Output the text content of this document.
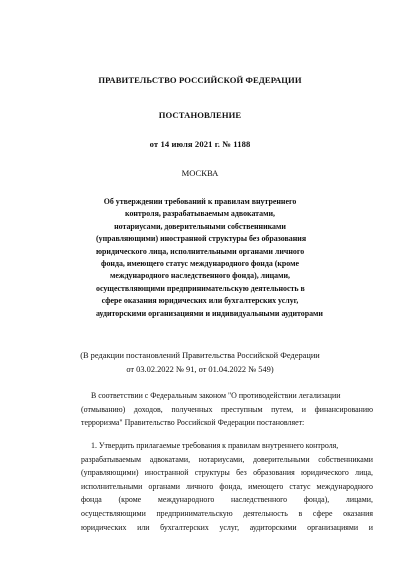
ПРАВИТЕЛЬСТВО РОССИЙСКОЙ ФЕДЕРАЦИИ

ПОСТАНОВЛЕНИЕ

от 14 июля 2021 г. № 1188

МОСКВА

Об утверждении требований к правилам внутреннего
контроля, разрабатываемым адвокатами,
нотариусами, доверительными собственниками
(управляющими) иностранной структуры без образования
юридического лица, исполнительными органами личного
фонда, имеющего статус международного фонда (кроме
международного наследственного фонда), лицами,
осуществляющими предпринимательскую деятельность в
сфере оказания юридических или бухгалтерских услуг,
аудиторскими организациями и индивидуальными аудиторами
(В редакции постановлений Правительства Российской Федерации
от 03.02.2022 № 91, от 01.04.2022 № 549)
В соответствии с Федеральным законом "О противодействии легализации
(отмыванию) доходов, полученных преступным путем, и финансированию
терроризма" Правительство Российской Федерации постановляет:
1. Утвердить прилагаемые требования к правилам внутреннего контроля,
разрабатываемым адвокатами, нотариусами, доверительными собственниками
(управляющими) иностранной структуры без образования юридического лица,
исполнительными органами личного фонда, имеющего статус международного
фонда (кроме международного наследственного фонда), лицами,
осуществляющими предпринимательскую деятельность в сфере оказания
юридических или бухгалтерских услуг, аудиторскими организациями и
